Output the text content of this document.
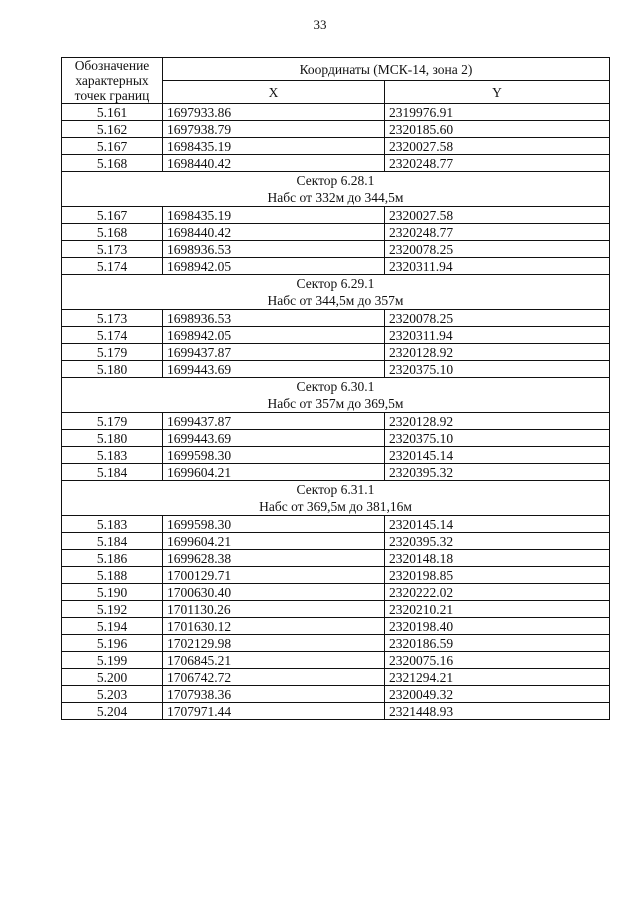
33
Обозначение характерных точек границ	Координаты (МСК-14, зона 2)	
	X	Y
5.161	1697933.86	2319976.91
5.162	1697938.79	2320185.60
5.167	1698435.19	2320027.58
5.168	1698440.42	2320248.77

Сектор 6.28.1
Набс от 332м до 344,5м		

5.167	1698435.19	2320027.58
5.168	1698440.42	2320248.77
5.173	1698936.53	2320078.25
5.174	1698942.05	2320311.94

Сектор 6.29.1
Набс от 344,5м до 357м		

5.173	1698936.53	2320078.25
5.174	1698942.05	2320311.94
5.179	1699437.87	2320128.92
5.180	1699443.69	2320375.10

Сектор 6.30.1
Набс от 357м до 369,5м		

5.179	1699437.87	2320128.92
5.180	1699443.69	2320375.10
5.183	1699598.30	2320145.14
5.184	1699604.21	2320395.32

Сектор 6.31.1
Набс от 369,5м до 381,16м		

5.183	1699598.30	2320145.14
5.184	1699604.21	2320395.32
5.186	1699628.38	2320148.18
5.188	1700129.71	2320198.85
5.190	1700630.40	2320222.02
5.192	1701130.26	2320210.21
5.194	1701630.12	2320198.40
5.196	1702129.98	2320186.59
5.199	1706845.21	2320075.16
5.200	1706742.72	2321294.21
5.203	1707938.36	2320049.32
5.204	1707971.44	2321448.93
